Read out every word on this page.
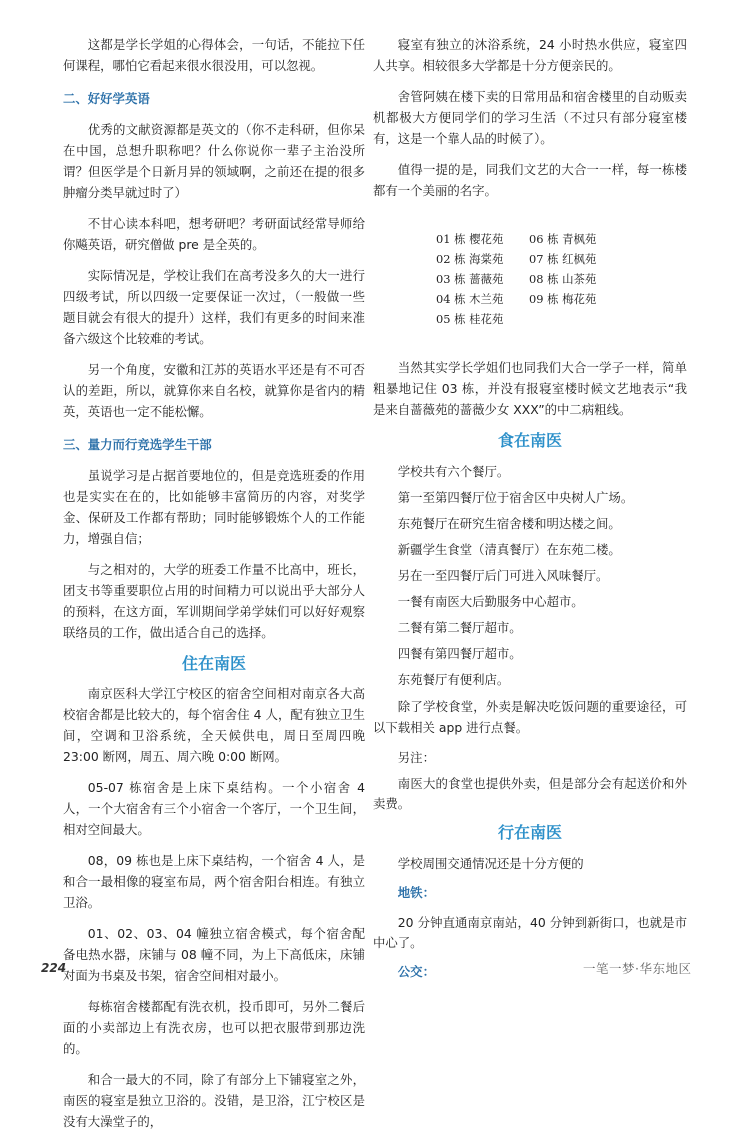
这都是学长学姐的心得体会，一句话，不能拉下任何课程，哪怕它看起来很水很没用，可以忽视。

二、好好学英语

优秀的文献资源都是英文的（你不走科研，但你呆在中国，总想升职称吧？什么你说你一辈子主治没所谓？但医学是个日新月异的领域啊，之前还在提的很多肿瘤分类早就过时了）

不甘心读本科吧，想考研吧？考研面试经常导师给你飚英语，研究僧做 pre 是全英的。

实际情况是，学校让我们在高考没多久的大一进行四级考试，所以四级一定要保证一次过，（一般做一些题目就会有很大的提升）这样，我们有更多的时间来准备六级这个比较难的考试。

另一个角度，安徽和江苏的英语水平还是有不可否认的差距，所以，就算你来自名校，就算你是省内的精英，英语也一定不能松懈。

三、量力而行竞选学生干部

虽说学习是占据首要地位的，但是竞选班委的作用也是实实在在的，比如能够丰富简历的内容，对奖学金、保研及工作都有帮助；同时能够锻炼个人的工作能力，增强自信；

与之相对的，大学的班委工作量不比高中，班长，团支书等重要职位占用的时间精力可以说出乎大部分人的预料，在这方面，军训期间学弟学妹们可以好好观察联络员的工作，做出适合自己的选择。

住在南医

南京医科大学江宁校区的宿舍空间相对南京各大高校宿舍都是比较大的，每个宿舍住 4 人，配有独立卫生间，空调和卫浴系统，全天候供电，周日至周四晚 23:00 断网，周五、周六晚 0:00 断网。

05-07 栋宿舍是上床下桌结构。一个小宿舍 4 人，一个大宿舍有三个小宿舍一个客厅，一个卫生间，相对空间最大。

08，09 栋也是上床下桌结构，一个宿舍 4 人，是和合一最相像的寝室布局，两个宿舍阳台相连。有独立卫浴。

01、02、03、04 幢独立宿舍模式，每个宿舍配备电热水器，床铺与 08 幢不同，为上下高低床，床铺对面为书桌及书架，宿舍空间相对最小。

每栋宿舍楼都配有洗衣机，投币即可，另外二餐后面的小卖部边上有洗衣房，也可以把衣服带到那边洗的。

和合一最大的不同，除了有部分上下铺寝室之外，南医的寝室是独立卫浴的。没错，是卫浴，江宁校区是没有大澡堂子的，

寝室有独立的沐浴系统，24 小时热水供应，寝室四人共享。相较很多大学都是十分方便亲民的。

舍管阿姨在楼下卖的日常用品和宿舍楼里的自动贩卖机都极大方便同学们的学习生活（不过只有部分寝室楼有，这是一个靠人品的时候了）。

值得一提的是，同我们文艺的大合一一样，每一栋楼都有一个美丽的名字。

01 栋 樱花苑	06 栋 青枫苑
02 栋 海棠苑	07 栋 红枫苑
03 栋 蔷薇苑	08 栋 山茶苑
04 栋 木兰苑	09 栋 梅花苑
05 栋 桂花苑

当然其实学长学姐们也同我们大合一学子一样，简单粗暴地记住 03 栋，并没有报寝室楼时候文艺地表示“我是来自蔷薇苑的蔷薇少女 XXX”的中二病粗线。

食在南医

学校共有六个餐厅。

第一至第四餐厅位于宿舍区中央树人广场。

东苑餐厅在研究生宿舍楼和明达楼之间。

新疆学生食堂（清真餐厅）在东苑二楼。

另在一至四餐厅后门可进入风味餐厅。

一餐有南医大后勤服务中心超市。

二餐有第二餐厅超市。

四餐有第四餐厅超市。

东苑餐厅有便利店。

除了学校食堂，外卖是解决吃饭问题的重要途径，可以下载相关 app 进行点餐。

另注：

南医大的食堂也提供外卖，但是部分会有起送价和外卖费。

行在南医

学校周围交通情况还是十分方便的

地铁：

20 分钟直通南京南站，40 分钟到新街口，也就是市中心了。

公交：
224	一笔一梦·华东地区
